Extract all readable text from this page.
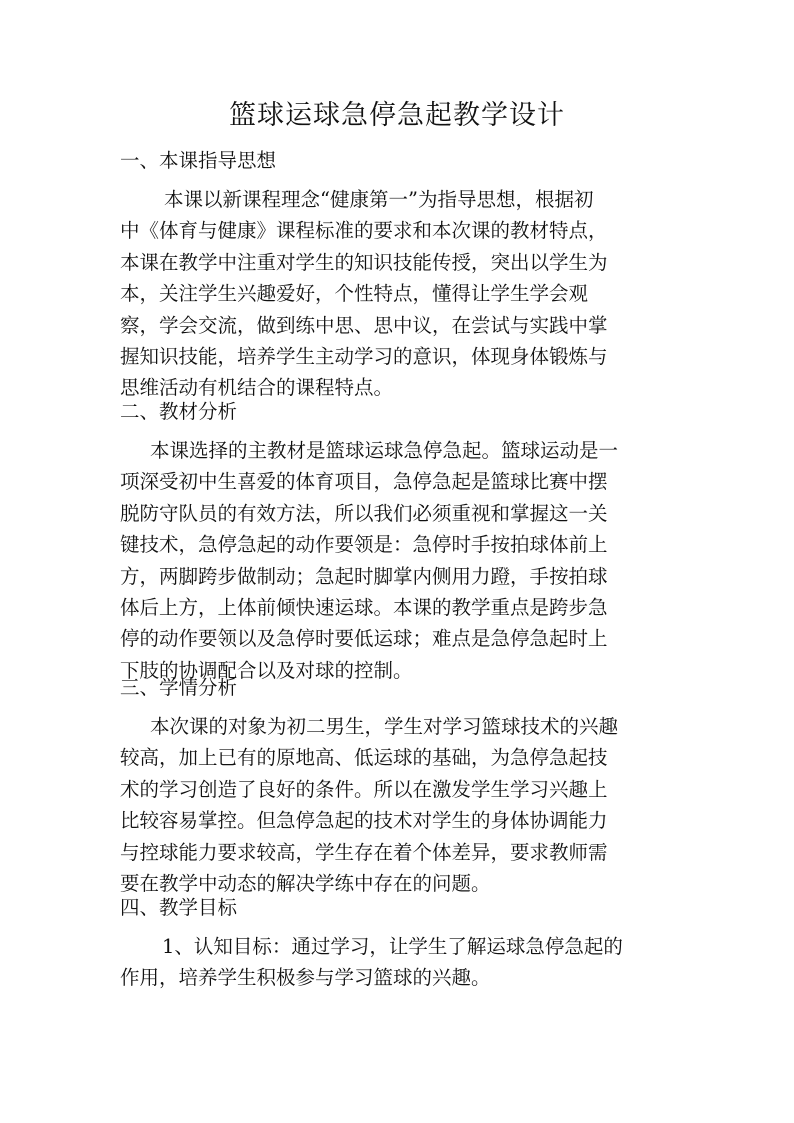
篮球运球急停急起教学设计
一、本课指导思想
本课以新课程理念“健康第一”为指导思想，根据初
中《体育与健康》课程标准的要求和本次课的教材特点，
本课在教学中注重对学生的知识技能传授，突出以学生为
本，关注学生兴趣爱好，个性特点，懂得让学生学会观
察，学会交流，做到练中思、思中议，在尝试与实践中掌
握知识技能，培养学生主动学习的意识，体现身体锻炼与
思维活动有机结合的课程特点。
二、教材分析
本课选择的主教材是篮球运球急停急起。篮球运动是一
项深受初中生喜爱的体育项目，急停急起是篮球比赛中摆
脱防守队员的有效方法，所以我们必须重视和掌握这一关
键技术，急停急起的动作要领是：急停时手按拍球体前上
方，两脚跨步做制动；急起时脚掌内侧用力蹬，手按拍球
体后上方，上体前倾快速运球。本课的教学重点是跨步急
停的动作要领以及急停时要低运球；难点是急停急起时上
下肢的协调配合以及对球的控制。
三、学情分析
本次课的对象为初二男生，学生对学习篮球技术的兴趣
较高，加上已有的原地高、低运球的基础，为急停急起技
术的学习创造了良好的条件。所以在激发学生学习兴趣上
比较容易掌控。但急停急起的技术对学生的身体协调能力
与控球能力要求较高，学生存在着个体差异，要求教师需
要在教学中动态的解决学练中存在的问题。
四、教学目标
1、认知目标：通过学习，让学生了解运球急停急起的
作用，培养学生积极参与学习篮球的兴趣。
